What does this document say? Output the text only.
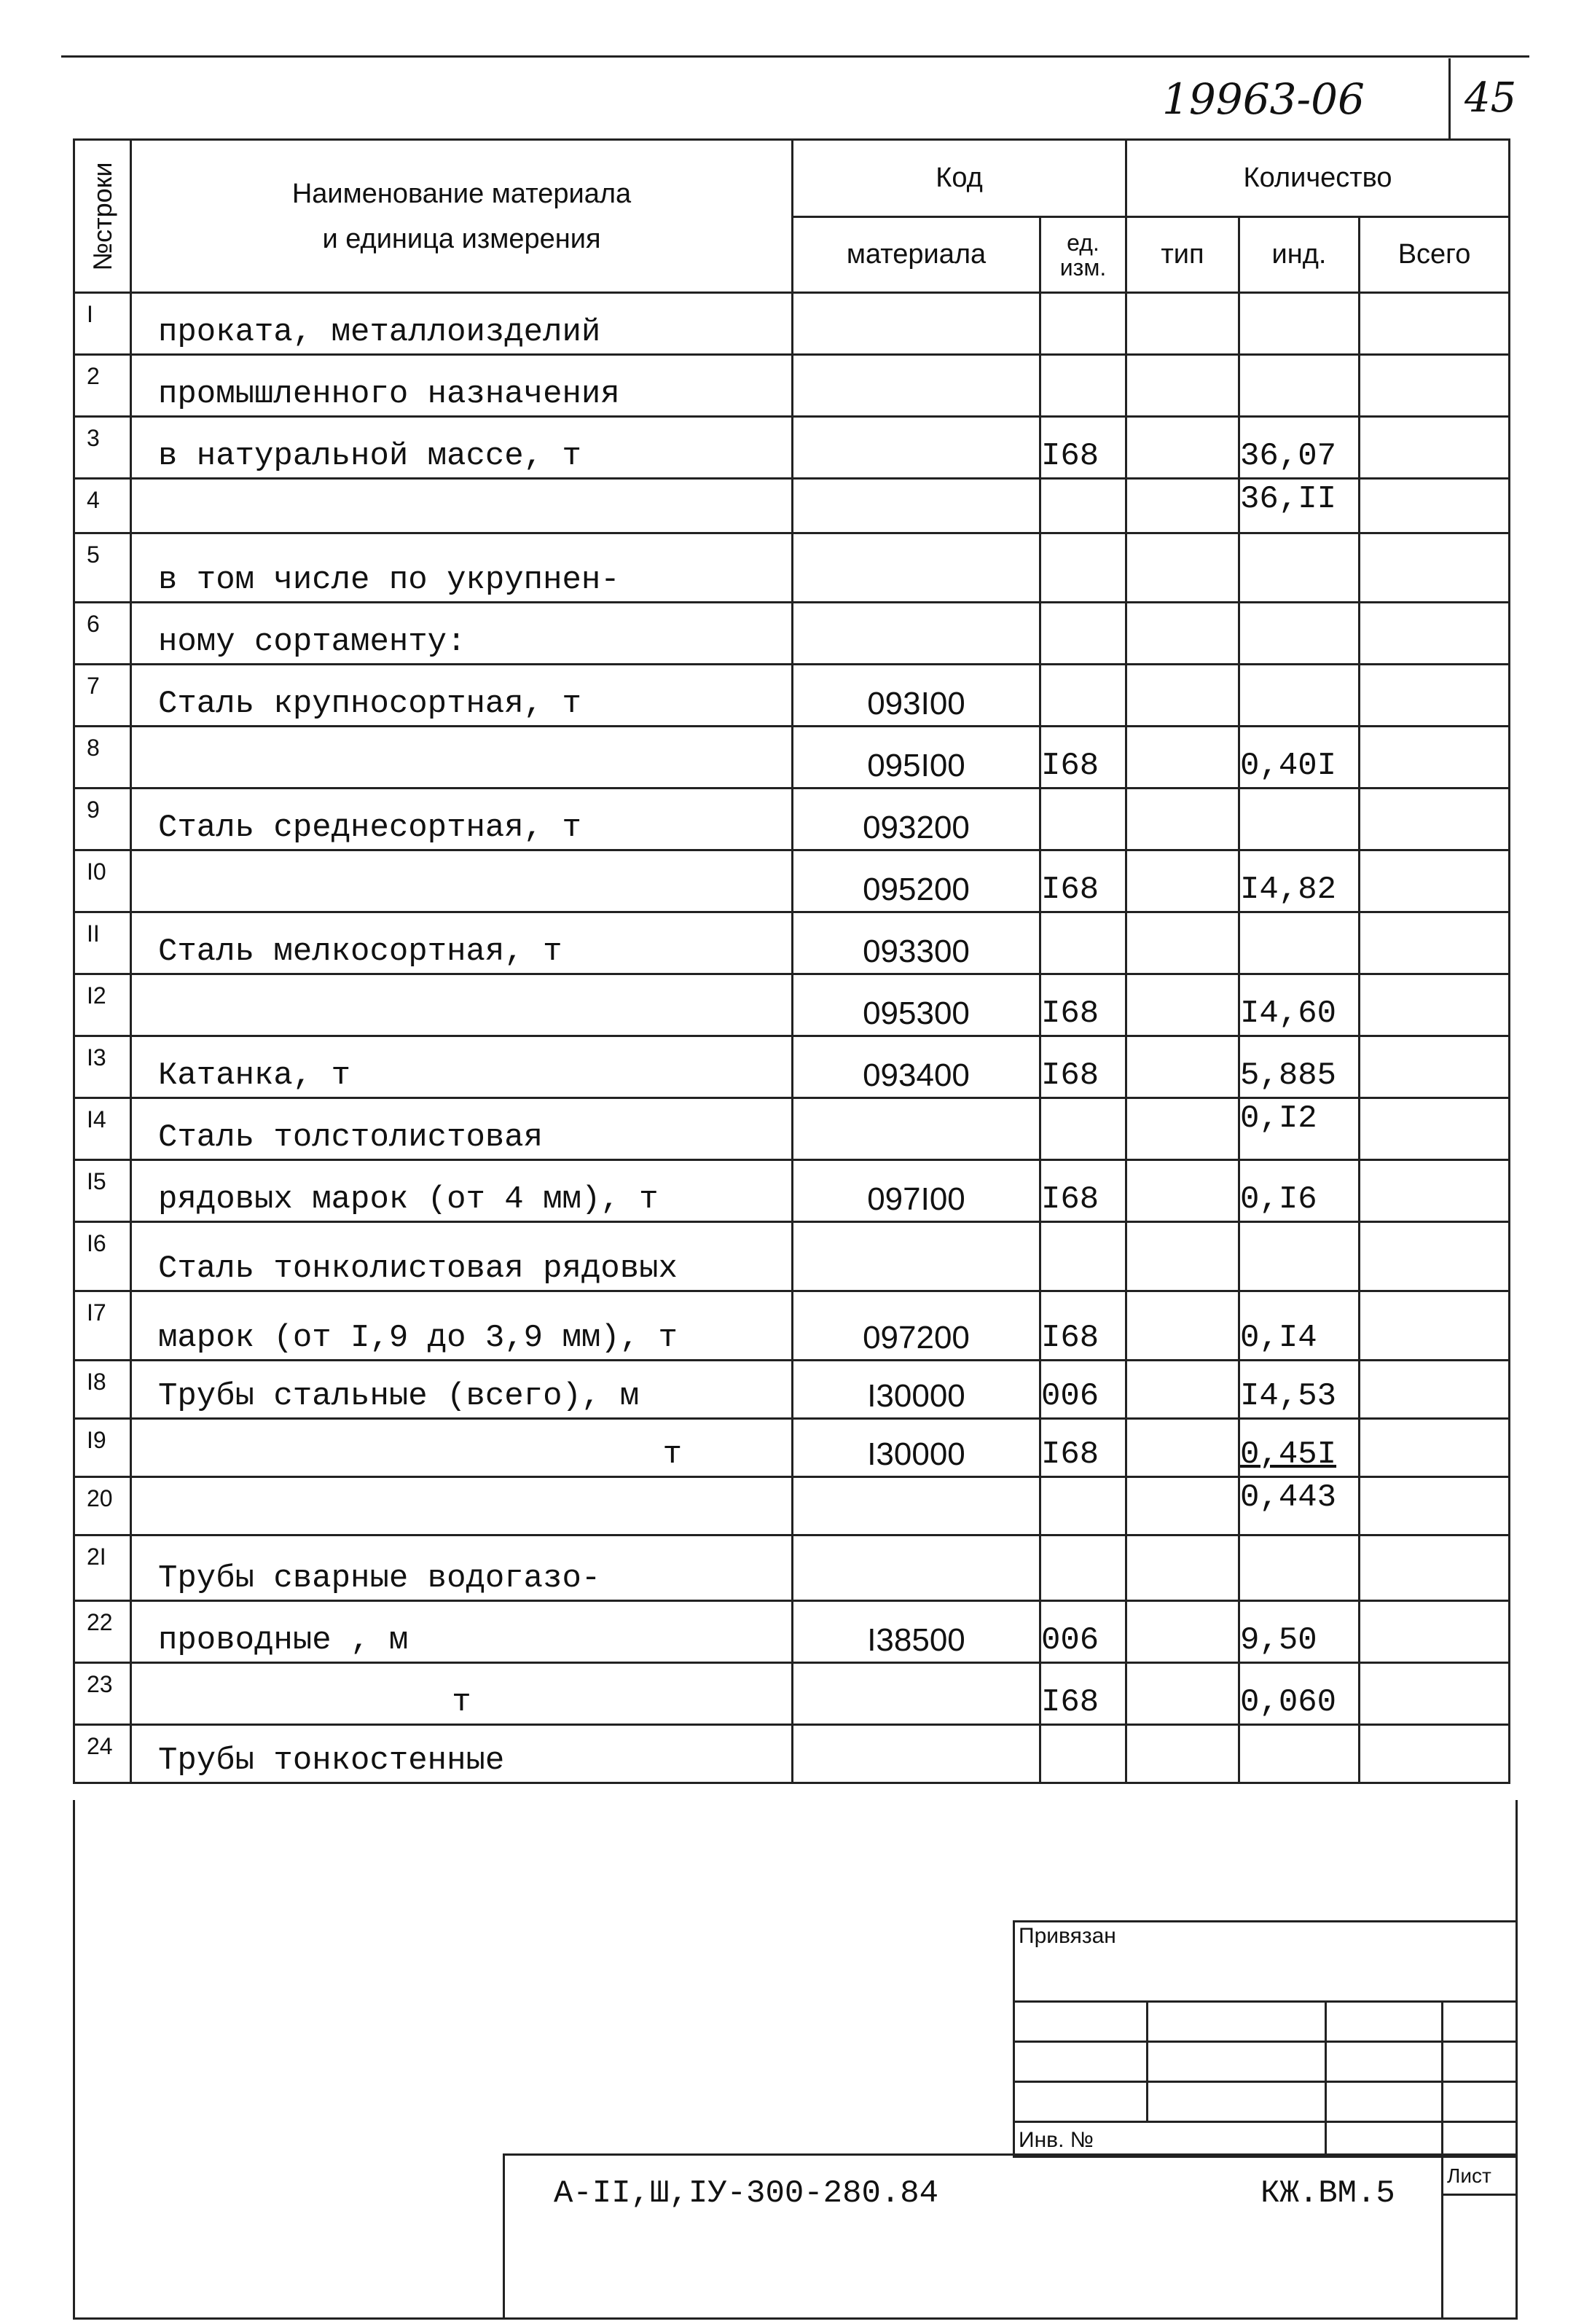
19963-06 45
№строки	Наименование материала
и единица измерения	Код		Количество		
		материала	ед. изм.	тип	инд.	Всего
I	проката, металлоизделий					
2	промышленного назначения					
3	в натуральной массе, т		I68		36,07	
4					36,II	
5	в том числе по укрупнен-					
6	ному сортаменту:					
7	Сталь крупносортная, т	093I00				
8		095I00	I68		0,40I	
9	Сталь среднесортная, т	093200				
I0		095200	I68		I4,82	
II	Сталь мелкосортная, т	093300				
I2		095300	I68		I4,60	
I3	Катанка, т	093400	I68		5,885	
I4	Сталь толстолистовая				0,I2	
I5	рядовых марок (от 4 мм), т	097I00	I68		0,I6	
I6	Сталь тонколистовая рядовых					
I7	марок (от I,9 до 3,9 мм), т	097200	I68		0,I4	
I8	Трубы стальные (всего), м	I30000	006		I4,53	
I9	т	I30000	I68		0,45I	
20					0,443	
2I	Трубы сварные водогазо-					
22	проводные , м	I38500	006		9,50	
23	т		I68		0,060	
24	Трубы тонкостенные					
Привязан
Инв. №
А-II,Ш,IУ-300-280.84	КЖ.ВМ.5	Лист
